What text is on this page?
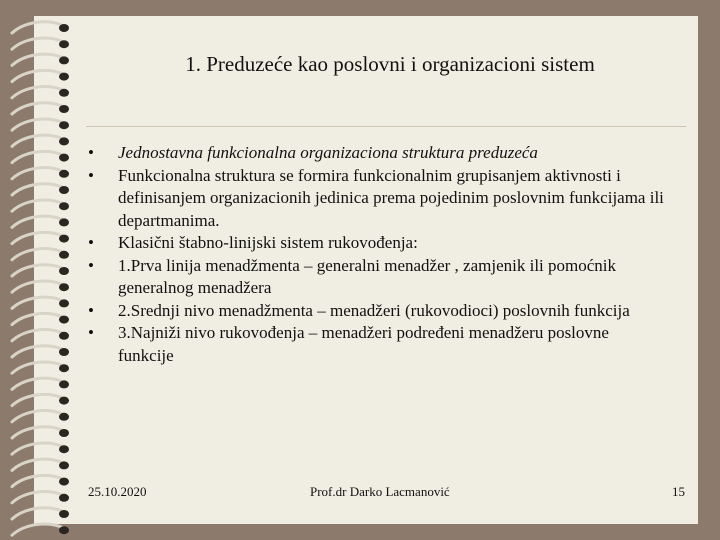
1. Preduzeće kao poslovni i organizacioni sistem
•	Jednostavna funkcionalna organizaciona struktura preduzeća
•	Funkcionalna struktura se formira funkcionalnim grupisanjem aktivnosti i definisanjem organizacionih jedinica prema pojedinim poslovnim funkcijama ili departmanima.
•	Klasični štabno-linijski sistem rukovođenja:
•	1.Prva linija menadžmenta – generalni menadžer , zamjenik ili pomoćnik generalnog menadžera
•	2.Srednji nivo menadžmenta – menadžeri (rukovodioci) poslovnih funkcija
•	3.Najniži nivo rukovođenja – menadžeri podređeni menadžeru poslovne funkcije
25.10.2020	Prof.dr Darko Lacmanović	15
